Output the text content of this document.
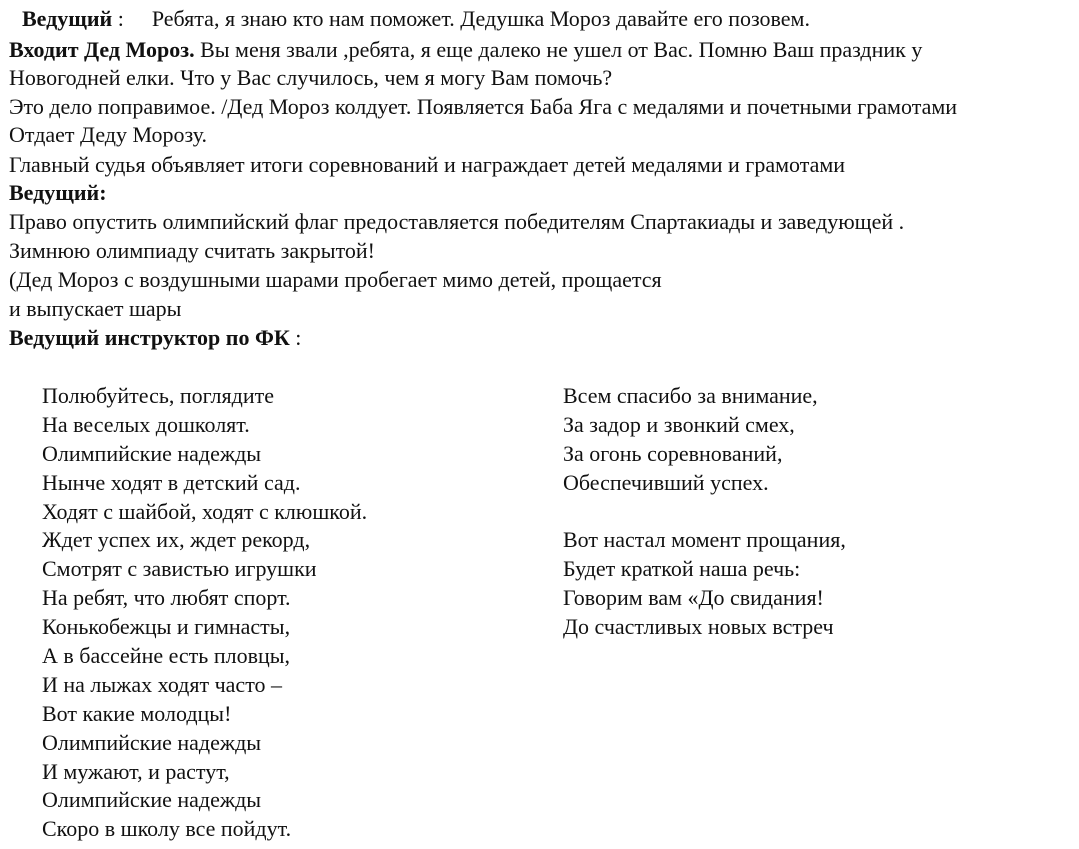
Ведущий : Ребята, я знаю кто нам поможет. Дедушка Мороз давайте его позовем.
Входит Дед Мороз. Вы меня звали ,ребята, я еще далеко не ушел от Вас. Помню Ваш праздник у
Новогодней елки. Что у Вас случилось, чем я могу Вам помочь?
Это дело поправимое. /Дед Мороз колдует. Появляется Баба Яга с медалями и почетными грамотами
Отдает Деду Морозу.
Главный судья объявляет итоги соревнований и награждает детей медалями и грамотами
Ведущий:
Право опустить олимпийский флаг предоставляется победителям Спартакиады и заведующей .
Зимнюю олимпиаду считать закрытой!
(Дед Мороз с воздушными шарами пробегает мимо детей, прощается
и выпускает шары
Ведущий инструктор по ФК :
Полюбуйтесь, поглядите
На веселых дошколят.
Олимпийские надежды
Нынче ходят в детский сад.
Ходят с шайбой, ходят с клюшкой.
Ждет успех их, ждет рекорд,
Смотрят с завистью игрушки
На ребят, что любят спорт.
Конькобежцы и гимнасты,
А в бассейне есть пловцы,
И на лыжах ходят часто –
Вот какие молодцы!
Олимпийские надежды
И мужают, и растут,
Олимпийские надежды
Скоро в школу все пойдут.
Всем спасибо за внимание,
За задор и звонкий смех,
За огонь соревнований,
Обеспечивший успех.
Вот настал момент прощания,
Будет краткой наша речь:
Говорим вам «До свидания!
До счастливых новых встреч
